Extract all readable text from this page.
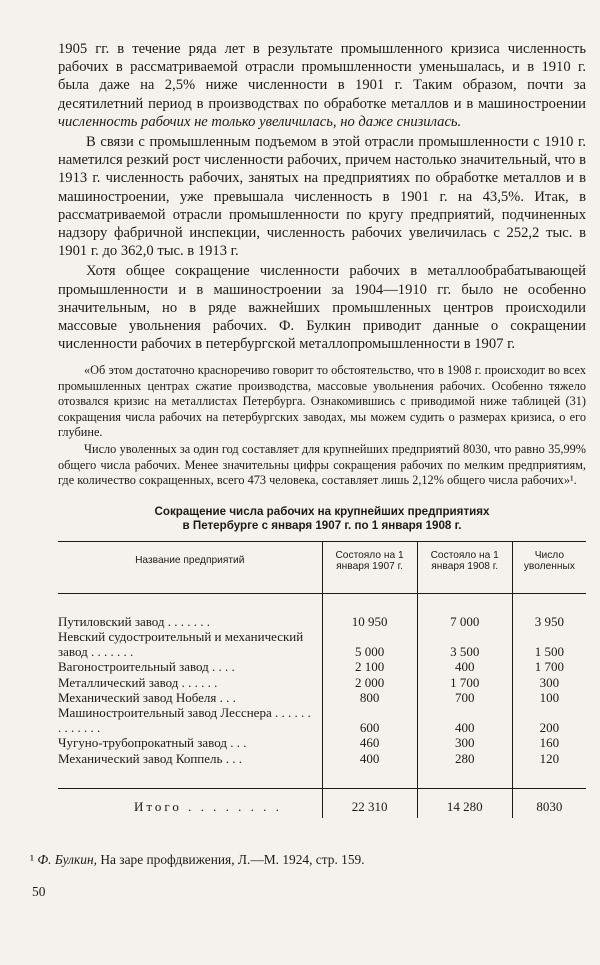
1905 гг. в течение ряда лет в результате промышленного кризиса численность рабочих в рассматриваемой отрасли промышленности уменьшалась, и в 1910 г. была даже на 2,5% ниже численности в 1901 г. Таким образом, почти за десятилетний период в производствах по обработке металлов и в машиностроении численность рабочих не только увеличилась, но даже снизилась.

В связи с промышленным подъемом в этой отрасли промышленности с 1910 г. наметился резкий рост численности рабочих, причем настолько значительный, что в 1913 г. численность рабочих, занятых на предприятиях по обработке металлов и в машиностроении, уже превышала численность в 1901 г. на 43,5%. Итак, в рассматриваемой отрасли промышленности по кругу предприятий, подчиненных надзору фабричной инспекции, численность рабочих увеличилась с 252,2 тыс. в 1901 г. до 362,0 тыс. в 1913 г.

Хотя общее сокращение численности рабочих в металлообрабатывающей промышленности и в машиностроении за 1904—1910 гг. было не особенно значительным, но в ряде важнейших промышленных центров происходили массовые увольнения рабочих. Ф. Булкин приводит данные о сокращении численности рабочих в петербургской металлопромышленности в 1907 г.

«Об этом достаточно красноречиво говорит то обстоятельство, что в 1908 г. происходит во всех промышленных центрах сжатие производства, массовые увольнения рабочих. Особенно тяжело отозвался кризис на металлистах Петербурга. Ознакомившись с приводимой ниже таблицей (31) сокращения числа рабочих на петербургских заводах, мы можем судить о размерах кризиса, о его глубине.

Число уволенных за один год составляет для крупнейших предприятий 8030, что равно 35,99% общего числа рабочих. Менее значительны цифры сокращения рабочих по мелким предприятиям, где количество сокращенных, всего 473 человека, составляет лишь 2,12% общего числа рабочих»¹.

Сокращение числа рабочих на крупнейших предприятиях
в Петербурге с января 1907 г. по 1 января 1908 г.

Название предприятий	Состояло на 1 января 1907 г.	Состояло на 1 января 1908 г.	Число уволенных

Путиловский завод . . . . . . .	10 950	7 000	3 950
Невский судостроительный и механический завод . . . . . . .	5 000	3 500	1 500
Вагоностроительный завод . . . .	2 100	400	1 700
Металлический завод . . . . . .	2 000	1 700	300
Механический завод Нобеля . . .	800	700	100
Машиностроительный завод Лесснера . . . . . . . . . . . . .	600	400	200
Чугуно-трубопрокатный завод . . .	460	300	160
Механический завод Коппель . . .	400	280	120

Итого . . . . . . . .	22 310	14 280	8030
¹ Ф. Булкин, На заре профдвижения, Л.—М. 1924, стр. 159.
50
